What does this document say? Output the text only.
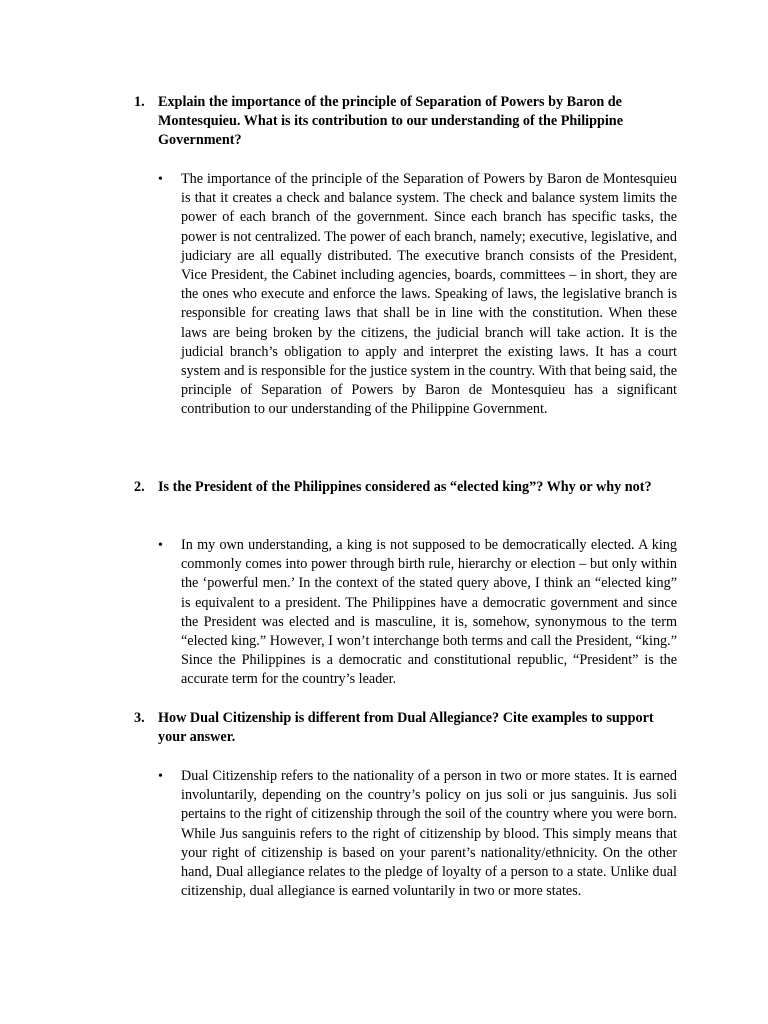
1. Explain the importance of the principle of Separation of Powers by Baron de Montesquieu. What is its contribution to our understanding of the Philippine Government?
• The importance of the principle of the Separation of Powers by Baron de Montesquieu is that it creates a check and balance system. The check and balance system limits the power of each branch of the government. Since each branch has specific tasks, the power is not centralized. The power of each branch, namely; executive, legislative, and judiciary are all equally distributed. The executive branch consists of the President, Vice President, the Cabinet including agencies, boards, committees – in short, they are the ones who execute and enforce the laws. Speaking of laws, the legislative branch is responsible for creating laws that shall be in line with the constitution. When these laws are being broken by the citizens, the judicial branch will take action. It is the judicial branch’s obligation to apply and interpret the existing laws. It has a court system and is responsible for the justice system in the country. With that being said, the principle of Separation of Powers by Baron de Montesquieu has a significant contribution to our understanding of the Philippine Government.
2. Is the President of the Philippines considered as “elected king”? Why or why not?
• In my own understanding, a king is not supposed to be democratically elected. A king commonly comes into power through birth rule, hierarchy or election – but only within the ‘powerful men.’ In the context of the stated query above, I think an “elected king” is equivalent to a president. The Philippines have a democratic government and since the President was elected and is masculine, it is, somehow, synonymous to the term “elected king.” However, I won’t interchange both terms and call the President, “king.” Since the Philippines is a democratic and constitutional republic, “President” is the accurate term for the country’s leader.
3. How Dual Citizenship is different from Dual Allegiance? Cite examples to support your answer.
• Dual Citizenship refers to the nationality of a person in two or more states. It is earned involuntarily, depending on the country’s policy on jus soli or jus sanguinis. Jus soli pertains to the right of citizenship through the soil of the country where you were born. While Jus sanguinis refers to the right of citizenship by blood. This simply means that your right of citizenship is based on your parent’s nationality/ethnicity. On the other hand, Dual allegiance relates to the pledge of loyalty of a person to a state. Unlike dual citizenship, dual allegiance is earned voluntarily in two or more states.
